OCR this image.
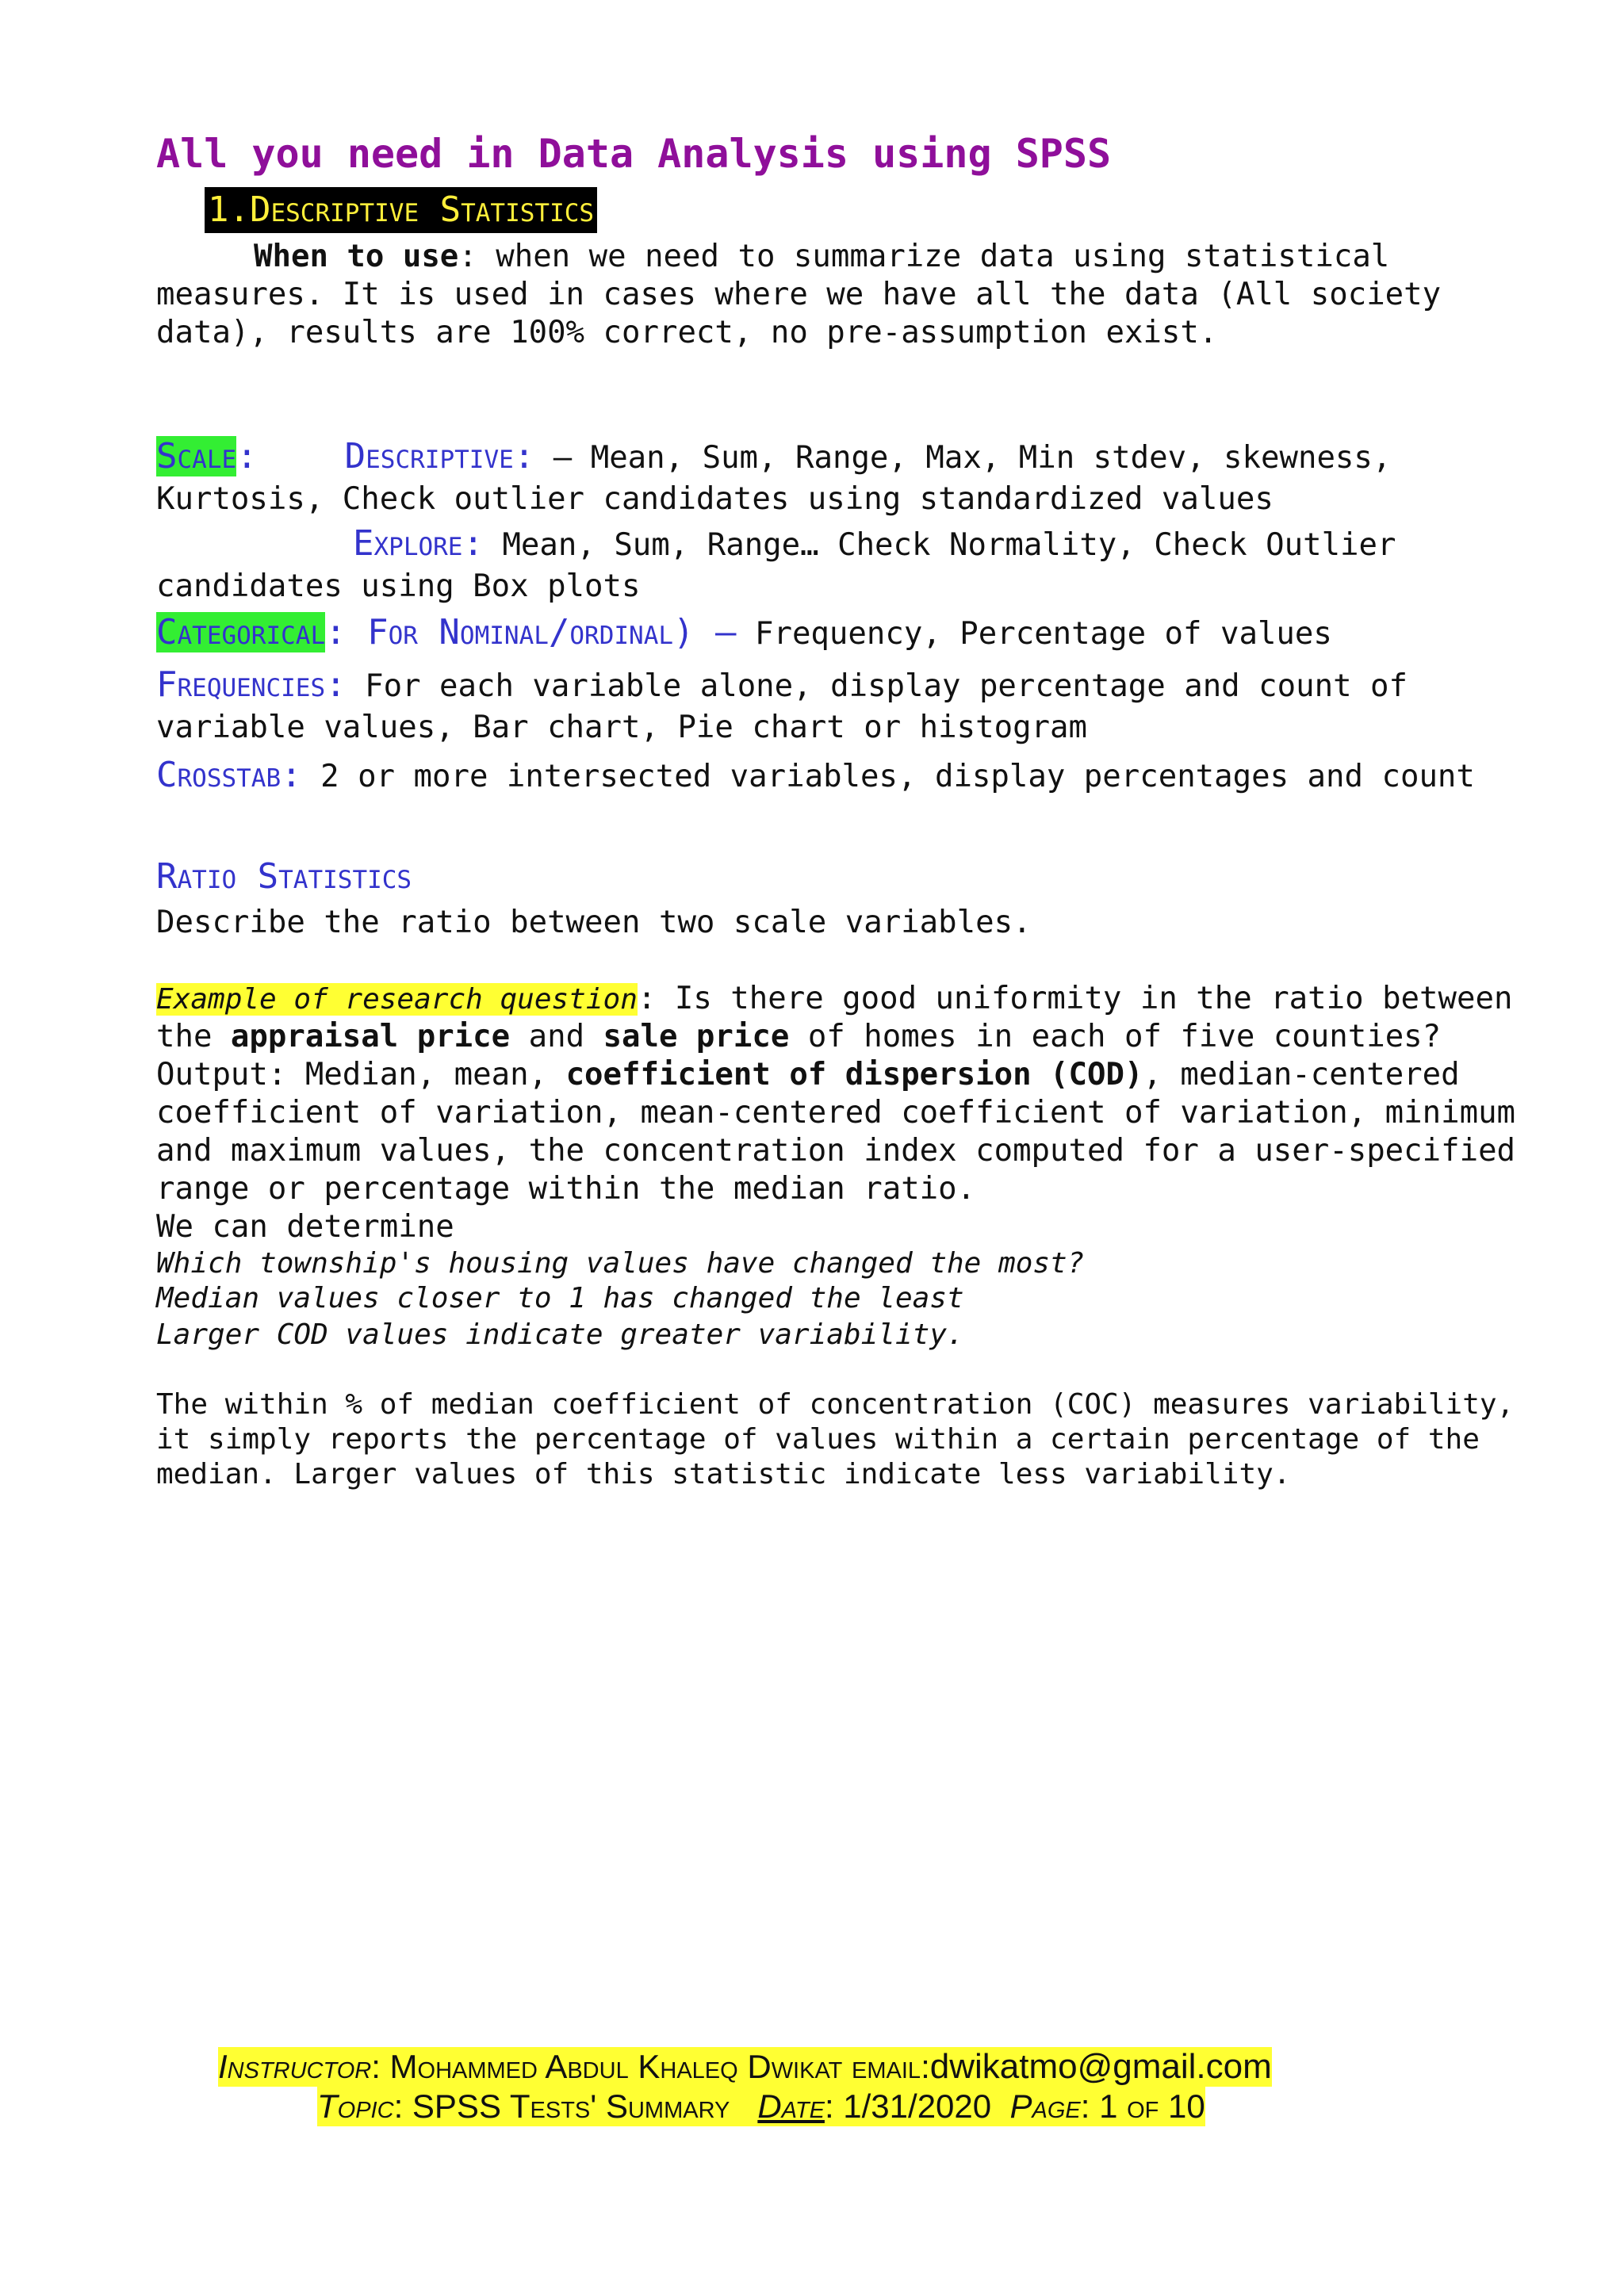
All you need in Data Analysis using SPSS
1.Descriptive Statistics
When to use: when we need to summarize data using statistical
measures. It is used in cases where we have all the data (All society
data), results are 100% correct, no pre-assumption exist.
Scale:	Descriptive: – Mean, Sum, Range, Max, Min stdev, skewness,
Kurtosis, Check outlier candidates using standardized values
Explore: Mean, Sum, Range… Check Normality, Check Outlier
candidates using Box plots
Categorical: For Nominal/ordinal) – Frequency, Percentage of values
Frequencies: For each variable alone, display percentage and count of
variable values, Bar chart, Pie chart or histogram
Crosstab: 2 or more intersected variables, display percentages and count
Ratio Statistics
Describe the ratio between two scale variables.
Example of research question: Is there good uniformity in the ratio between
the appraisal price and sale price of homes in each of five counties?
Output: Median, mean, coefficient of dispersion (COD), median-centered
coefficient of variation, mean-centered coefficient of variation, minimum
and maximum values, the concentration index computed for a user-specified
range or percentage within the median ratio.
We can determine
Which township's housing values have changed the most?
Median values closer to 1 has changed the least
Larger COD values indicate greater variability.
The within % of median coefficient of concentration (COC) measures variability,
it simply reports the percentage of values within a certain percentage of the
median. Larger values of this statistic indicate less variability.
Instructor: Mohammed Abdul Khaleq Dwikat email:dwikatmo@gmail.com
Topic: SPSS Tests' Summary Date: 1/31/2020 Page: 1 of 10
